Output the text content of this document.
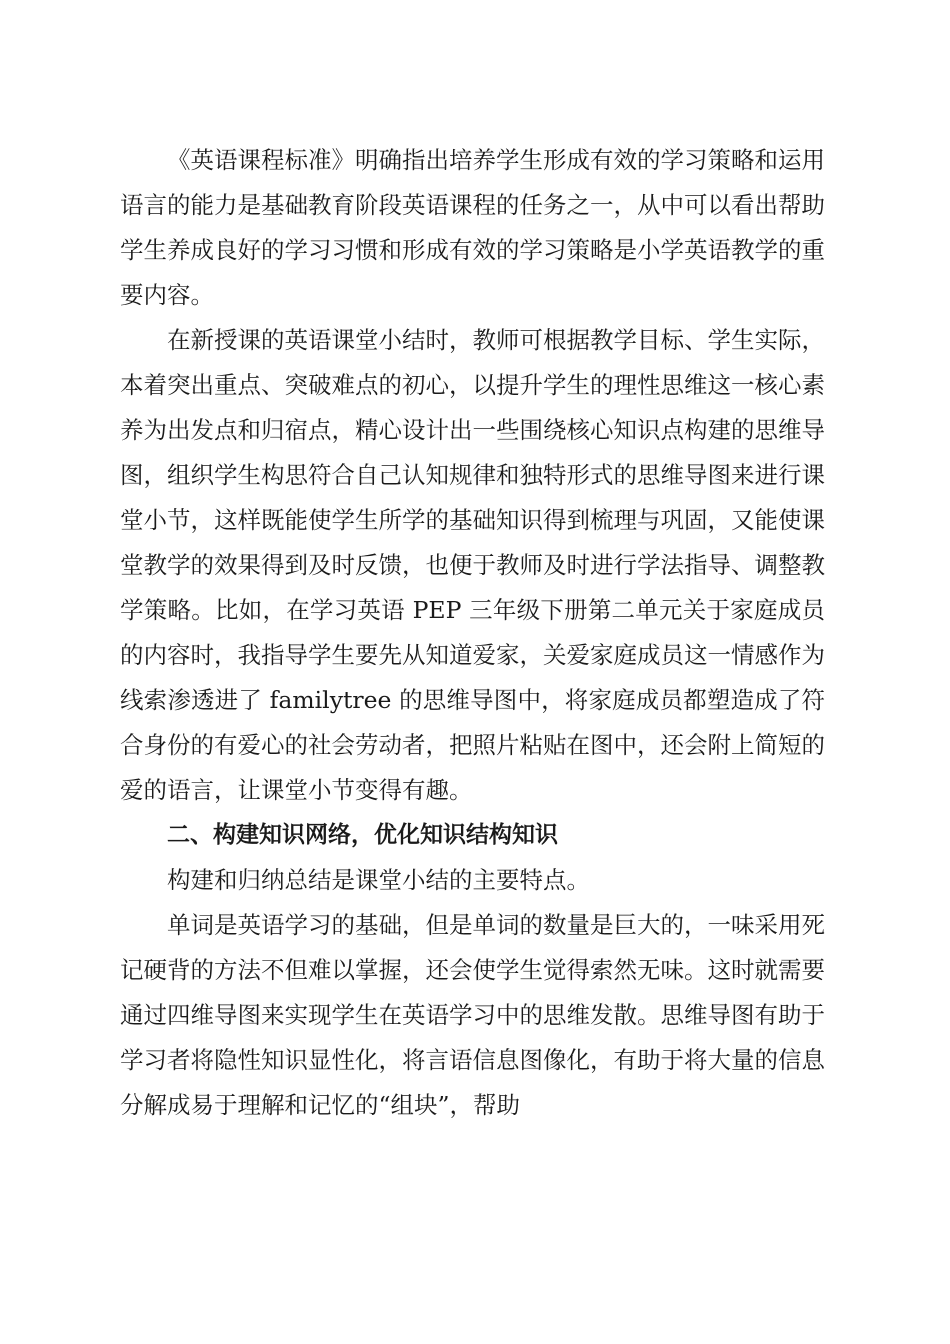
《英语课程标准》明确指出培养学生形成有效的学习策略和运用语言的能力是基础教育阶段英语课程的任务之一，从中可以看出帮助学生养成良好的学习习惯和形成有效的学习策略是小学英语教学的重要内容。

在新授课的英语课堂小结时，教师可根据教学目标、学生实际，本着突出重点、突破难点的初心，以提升学生的理性思维这一核心素养为出发点和归宿点，精心设计出一些围绕核心知识点构建的思维导图，组织学生构思符合自己认知规律和独特形式的思维导图来进行课堂小节，这样既能使学生所学的基础知识得到梳理与巩固，又能使课堂教学的效果得到及时反馈，也便于教师及时进行学法指导、调整教学策略。比如，在学习英语 PEP 三年级下册第二单元关于家庭成员的内容时，我指导学生要先从知道爱家，关爱家庭成员这一情感作为线索渗透进了 familytree 的思维导图中，将家庭成员都塑造成了符合身份的有爱心的社会劳动者，把照片粘贴在图中，还会附上简短的爱的语言，让课堂小节变得有趣。

二、构建知识网络，优化知识结构知识

构建和归纳总结是课堂小结的主要特点。

单词是英语学习的基础，但是单词的数量是巨大的，一味采用死记硬背的方法不但难以掌握，还会使学生觉得索然无味。这时就需要通过四维导图来实现学生在英语学习中的思维发散。思维导图有助于学习者将隐性知识显性化，将言语信息图像化，有助于将大量的信息分解成易于理解和记忆的“组块”，帮助
